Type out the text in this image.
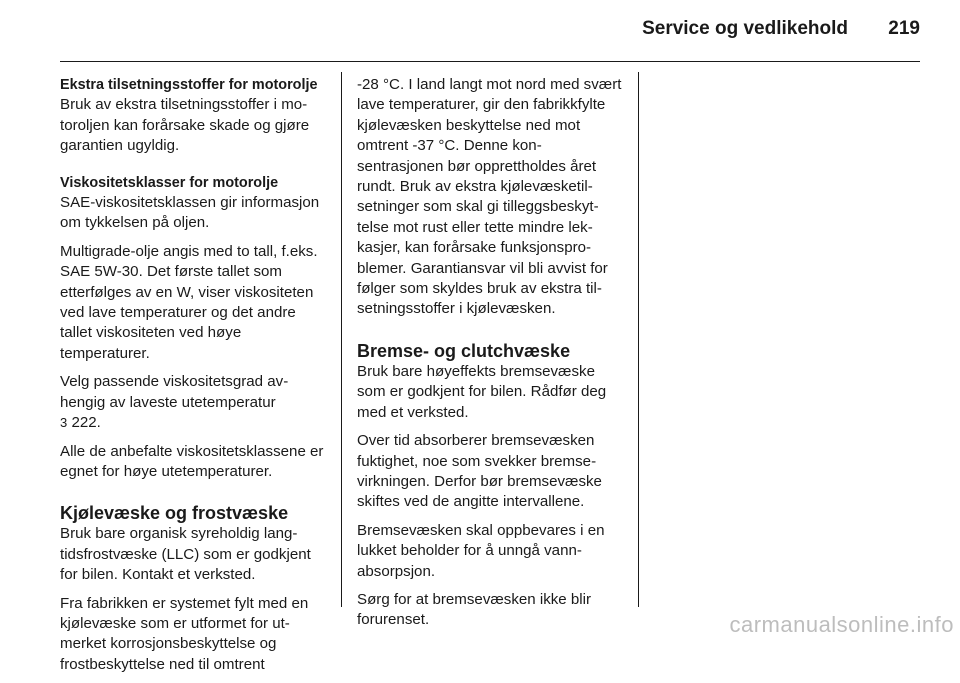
Service og vedlikehold 219

Ekstra tilsetningsstoffer for motorolje

Bruk av ekstra tilsetningsstoffer i motoroljen kan forårsake skade og gjøre garantien ugyldig.

Viskositetsklasser for motorolje

SAE-viskositetsklassen gir informasjon om tykkelsen på oljen.

Multigrade-olje angis med to tall, f.eks. SAE 5W-30. Det første tallet som etterfølges av en W, viser viskositeten ved lave temperaturer og det andre tallet viskositeten ved høye temperaturer.

Velg passende viskositetsgrad avhengig av laveste utetemperatur
3 222.

Alle de anbefalte viskositetsklassene er egnet for høye utetemperaturer.

Kjølevæske og frostvæske

Bruk bare organisk syreholdig langtidsfrostvæske (LLC) som er godkjent for bilen. Kontakt et verksted.

Fra fabrikken er systemet fylt med en kjølevæske som er utformet for utmerket korrosjonsbeskyttelse og frostbeskyttelse ned til omtrent

-28 °C. I land langt mot nord med svært lave temperaturer, gir den fabrikkfylte kjølevæsken beskyttelse ned mot omtrent -37 °C. Denne konsentrasjonen bør opprettholdes året rundt. Bruk av ekstra kjølevæsketilsetninger som skal gi tilleggsbeskyttelse mot rust eller tette mindre lekkasjer, kan forårsake funksjonsproblemer. Garantiansvar vil bli avvist for følger som skyldes bruk av ekstra tilsetningsstoffer i kjølevæsken.

Bremse- og clutchvæske

Bruk bare høyeffekts bremsevæske som er godkjent for bilen. Rådfør deg med et verksted.

Over tid absorberer bremsevæsken fuktighet, noe som svekker bremsevirkningen. Derfor bør bremsevæske skiftes ved de angitte intervallene.

Bremsevæsken skal oppbevares i en lukket beholder for å unngå vannabsorpsjon.

Sørg for at bremsevæsken ikke blir forurenset.	carmanualsonline.info
